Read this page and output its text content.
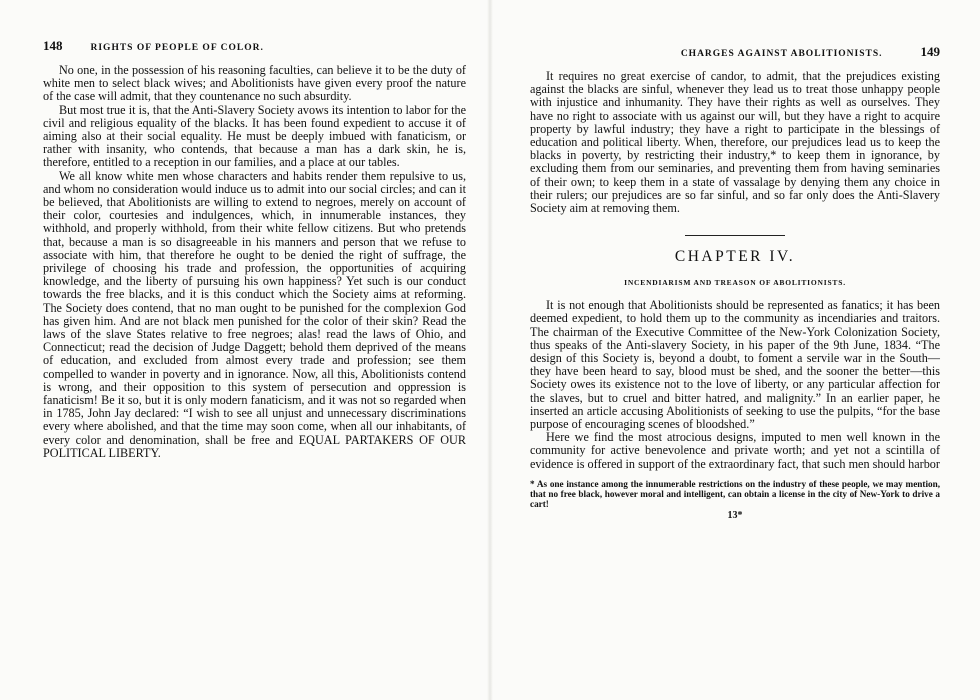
148	RIGHTS OF PEOPLE OF COLOR.

No one, in the possession of his reasoning faculties, can believe it to be the duty of white men to select black wives; and Abolitionists have given every proof the nature of the case will admit, that they countenance no such absurdity.

But most true it is, that the Anti-Slavery Society avows its intention to labor for the civil and religious equality of the blacks. It has been found expedient to accuse it of aiming also at their social equality. He must be deeply imbued with fanaticism, or rather with insanity, who contends, that because a man has a dark skin, he is, therefore, entitled to a reception in our families, and a place at our tables.

We all know white men whose characters and habits render them repulsive to us, and whom no consideration would induce us to admit into our social circles; and can it be believed, that Abolitionists are willing to extend to negroes, merely on account of their color, courtesies and indulgences, which, in innumerable instances, they withhold, and properly withhold, from their white fellow citizens. But who pretends that, because a man is so disagreeable in his manners and person that we refuse to associate with him, that therefore he ought to be denied the right of suffrage, the privilege of choosing his trade and profession, the opportunities of acquiring knowledge, and the liberty of pursuing his own happiness? Yet such is our conduct towards the free blacks, and it is this conduct which the Society aims at reforming. The Society does contend, that no man ought to be punished for the complexion God has given him. And are not black men punished for the color of their skin? Read the laws of the slave States relative to free negroes; alas! read the laws of Ohio, and Connecticut; read the decision of Judge Daggett; behold them deprived of the means of education, and excluded from almost every trade and profession; see them compelled to wander in poverty and in ignorance. Now, all this, Abolitionists contend is wrong, and their opposition to this system of persecution and oppression is fanaticism! Be it so, but it is only modern fanaticism, and it was not so regarded when in 1785, John Jay declared: “I wish to see all unjust and unnecessary discriminations every where abolished, and that the time may soon come, when all our inhabitants, of every color and denomination, shall be free and EQUAL PARTAKERS OF OUR POLITICAL LIBERTY.

CHARGES AGAINST ABOLITIONISTS.	149

It requires no great exercise of candor, to admit, that the prejudices existing against the blacks are sinful, whenever they lead us to treat those unhappy people with injustice and inhumanity. They have their rights as well as ourselves. They have no right to associate with us against our will, but they have a right to acquire property by lawful industry; they have a right to participate in the blessings of education and political liberty. When, therefore, our prejudices lead us to keep the blacks in poverty, by restricting their industry,* to keep them in ignorance, by excluding them from our seminaries, and preventing them from having seminaries of their own; to keep them in a state of vassalage by denying them any choice in their rulers; our prejudices are so far sinful, and so far only does the Anti-Slavery Society aim at removing them.

CHAPTER IV.
INCENDIARISM AND TREASON OF ABOLITIONISTS.

It is not enough that Abolitionists should be represented as fanatics; it has been deemed expedient, to hold them up to the community as incendiaries and traitors. The chairman of the Executive Committee of the New-York Colonization Society, thus speaks of the Anti-slavery Society, in his paper of the 9th June, 1834. “The design of this Society is, beyond a doubt, to foment a servile war in the South—they have been heard to say, blood must be shed, and the sooner the better—this Society owes its existence not to the love of liberty, or any particular affection for the slaves, but to cruel and bitter hatred, and malignity.” In an earlier paper, he inserted an article accusing Abolitionists of seeking to use the pulpits, “for the base purpose of encouraging scenes of bloodshed.”

Here we find the most atrocious designs, imputed to men well known in the community for active benevolence and private worth; and yet not a scintilla of evidence is offered in support of the extraordinary fact, that such men should harbor

* As one instance among the innumerable restrictions on the industry of these people, we may mention, that no free black, however moral and intelligent, can obtain a license in the city of New-York to drive a cart!
13*
